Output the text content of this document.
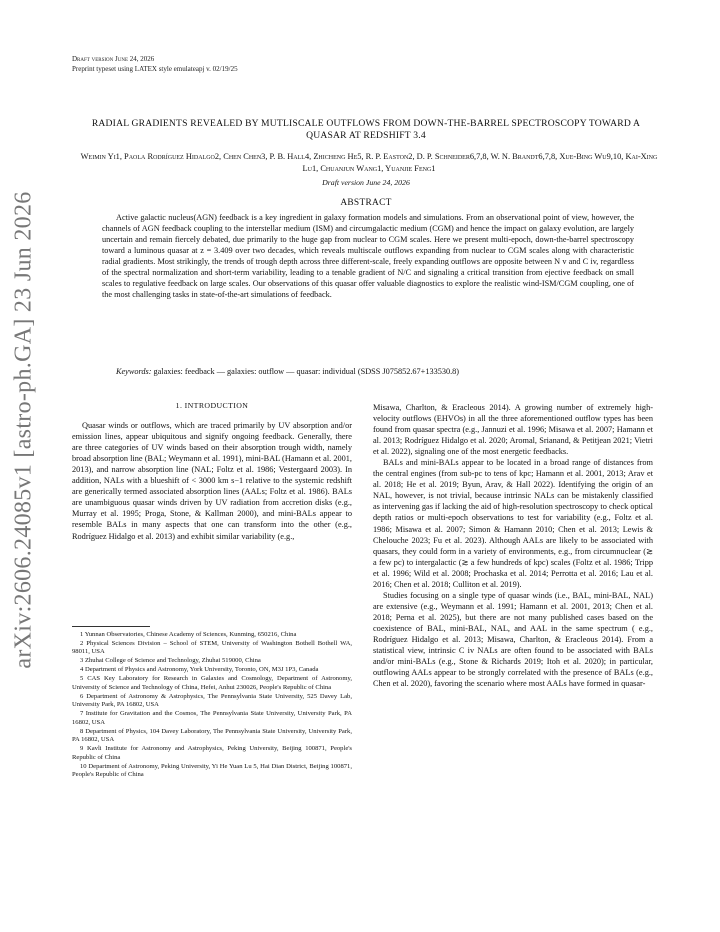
arXiv:2606.24085v1 [astro-ph.GA] 23 Jun 2026
Draft version June 24, 2026
Preprint typeset using LATEX style emulateapj v. 02/19/25
RADIAL GRADIENTS REVEALED BY MUTLISCALE OUTFLOWS FROM DOWN-THE-BARREL SPECTROSCOPY TOWARD A QUASAR AT REDSHIFT 3.4
Weimin Yi1, Paola Rodríguez Hidalgo2, Chen Chen3, P. B. Hall4, Zhicheng He5, R. P. Easton2, D. P. Schneider6,7,8, W. N. Brandt6,7,8, Xue-Bing Wu9,10, Kai-Xing Lu1, Chuanjun Wang1, Yuanjie Feng1
Draft version June 24, 2026
ABSTRACT
Active galactic nucleus(AGN) feedback is a key ingredient in galaxy formation models and simulations. From an observational point of view, however, the channels of AGN feedback coupling to the interstellar medium (ISM) and circumgalactic medium (CGM) and hence the impact on galaxy evolution, are largely uncertain and remain fiercely debated, due primarily to the huge gap from nuclear to CGM scales. Here we present multi-epoch, down-the-barrel spectroscopy toward a luminous quasar at z = 3.409 over two decades, which reveals multiscale outflows expanding from nuclear to CGM scales along with characteristic radial gradients. Most strikingly, the trends of trough depth across three different-scale, freely expanding outflows are opposite between N v and C iv, regardless of the spectral normalization and short-term variability, leading to a tenable gradient of N/C and signaling a critical transition from ejective feedback on small scales to regulative feedback on large scales. Our observations of this quasar offer valuable diagnostics to explore the realistic wind-ISM/CGM coupling, one of the most challenging tasks in state-of-the-art simulations of feedback.
Keywords: galaxies: feedback — galaxies: outflow — quasar: individual (SDSS J075852.67+133530.8)
1. INTRODUCTION

Quasar winds or outflows, which are traced primarily by UV absorption and/or emission lines, appear ubiquitous and signify ongoing feedback. Generally, there are three categories of UV winds based on their absorption trough width, namely broad absorption line (BAL; Weymann et al. 1991), mini-BAL (Hamann et al. 2001, 2013), and narrow absorption line (NAL; Foltz et al. 1986; Vestergaard 2003). In addition, NALs with a blueshift of < 3000 km s−1 relative to the systemic redshift are generically termed associated absorption lines (AALs; Foltz et al. 1986). BALs are unambiguous quasar winds driven by UV radiation from accretion disks (e.g., Murray et al. 1995; Proga, Stone, & Kallman 2000), and mini-BALs appear to resemble BALs in many aspects that one can transform into the other (e.g., Rodríguez Hidalgo et al. 2013) and exhibit similar variability (e.g.,

1 Yunnan Observatories, Chinese Academy of Sciences, Kunming, 650216, China

2 Physical Sciences Division – School of STEM, University of Washington Bothell Bothell WA, 98011, USA

3 Zhuhai College of Science and Technology, Zhuhai 519000, China

4 Department of Physics and Astronomy, York University, Toronto, ON, M3J 1P3, Canada

5 CAS Key Laboratory for Research in Galaxies and Cosmology, Department of Astronomy, University of Science and Technology of China, Hefei, Anhui 230026, People's Republic of China

6 Department of Astronomy & Astrophysics, The Pennsylvania State University, 525 Davey Lab, University Park, PA 16802, USA

7 Institute for Gravitation and the Cosmos, The Pennsylvania State University, University Park, PA 16802, USA

8 Department of Physics, 104 Davey Laboratory, The Pennsylvania State University, University Park, PA 16802, USA

9 Kavli Institute for Astronomy and Astrophysics, Peking University, Beijing 100871, People's Republic of China

10 Department of Astronomy, Peking University, Yi He Yuan Lu 5, Hai Dian District, Beijing 100871, People's Republic of China

Misawa, Charlton, & Eracleous 2014). A growing number of extremely high-velocity outflows (EHVOs) in all the three aforementioned outflow types has been found from quasar spectra (e.g., Jannuzi et al. 1996; Misawa et al. 2007; Hamann et al. 2013; Rodríguez Hidalgo et al. 2020; Aromal, Srianand, & Petitjean 2021; Vietri et al. 2022), signaling one of the most energetic feedbacks.

BALs and mini-BALs appear to be located in a broad range of distances from the central engines (from sub-pc to tens of kpc; Hamann et al. 2001, 2013; Arav et al. 2018; He et al. 2019; Byun, Arav, & Hall 2022). Identifying the origin of an NAL, however, is not trivial, because intrinsic NALs can be mistakenly classified as intervening gas if lacking the aid of high-resolution spectroscopy to check optical depth ratios or multi-epoch observations to test for variability (e.g., Foltz et al. 1986; Misawa et al. 2007; Simon & Hamann 2010; Chen et al. 2013; Lewis & Chelouche 2023; Fu et al. 2023). Although AALs are likely to be associated with quasars, they could form in a variety of environments, e.g., from circumnuclear (≳ a few pc) to intergalactic (≳ a few hundreds of kpc) scales (Foltz et al. 1986; Tripp et al. 1996; Wild et al. 2008; Prochaska et al. 2014; Perrotta et al. 2016; Lau et al. 2016; Chen et al. 2018; Culliton et al. 2019).

Studies focusing on a single type of quasar winds (i.e., BAL, mini-BAL, NAL) are extensive (e.g., Weymann et al. 1991; Hamann et al. 2001, 2013; Chen et al. 2018; Perna et al. 2025), but there are not many published cases based on the coexistence of BAL, mini-BAL, NAL, and AAL in the same spectrum ( e.g., Rodríguez Hidalgo et al. 2013; Misawa, Charlton, & Eracleous 2014). From a statistical view, intrinsic C iv NALs are often found to be associated with BALs and/or mini-BALs (e.g., Stone & Richards 2019; Itoh et al. 2020); in particular, outflowing AALs appear to be strongly correlated with the presence of BALs (e.g., Chen et al. 2020), favoring the scenario where most AALs have formed in quasar-
